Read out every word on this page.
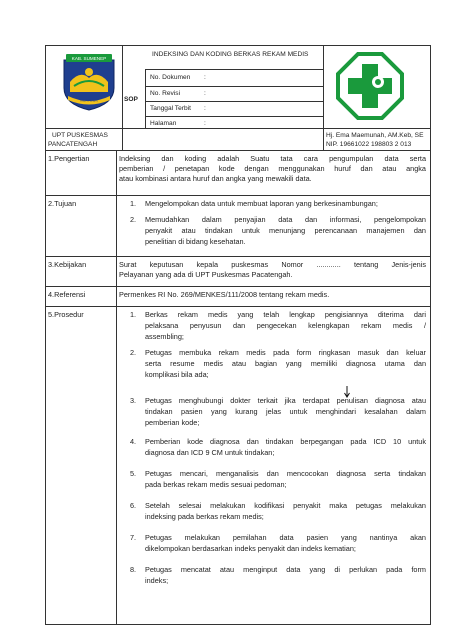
KAB. SUMENEP
NGANJUK
INDEKSING DAN KODING BERKAS REKAM MEDIS
SOP
No. Dokumen :
No. Revisi	:
Tanggal Terbit :
Halaman	:
UPT PUSKESMAS
PANCATENGAH
Hj. Ema Maemunah, AM.Keb, SE
NIP. 19661022 198803 2 013
1.Pengertian	Indeksing dan koding adalah Suatu tata cara pengumpulan data serta
pemberian / penetapan kode dengan menggunakan huruf dan atau angka
atau kombinasi antara huruf dan angka yang mewakili data.
2.Tujuan	1. Mengelompokan data untuk membuat laporan yang berkesinambungan;
2. Memudahkan dalam penyajian data dan informasi, pengelompokan
penyakit atau tindakan untuk menunjang perencanaan manajemen dan
penelitian di bidang kesehatan.
3.Kebijakan	Surat keputusan kepala puskesmas Nomor ............ tentang Jenis-jenis
Pelayanan yang ada di UPT Puskesmas Pacatengah.
4.Referensi	Permenkes RI No. 269/MENKES/111/2008 tentang rekam medis.
5.Prosedur	1. Berkas rekam medis yang telah lengkap pengisiannya diterima dari
pelaksana penyusun dan pengecekan kelengkapan rekam medis /
assembling;
2. Petugas membuka rekam medis pada form ringkasan masuk dan keluar
serta resume medis atau bagian yang memiliki diagnosa utama dan
komplikasi bila ada;
3. Petugas menghubungi dokter terkait jika terdapat penulisan diagnosa atau
tindakan pasien yang kurang jelas untuk menghindari kesalahan dalam
pemberian kode;
4. Pemberian kode diagnosa dan tindakan berpegangan pada ICD 10 untuk
diagnosa dan ICD 9 CM untuk tindakan;
5. Petugas mencari, menganalisis dan mencocokan diagnosa serta tindakan
pada berkas rekam medis sesuai pedoman;
6. Setelah selesai melakukan kodifikasi penyakit maka petugas melakukan
indeksing pada berkas rekam medis;
7. Petugas melakukan pemilahan data pasien yang nantinya akan
dikelompokan berdasarkan indeks penyakit dan indeks kematian;
8. Petugas mencatat atau menginput data yang di perlukan pada form
indeks;
